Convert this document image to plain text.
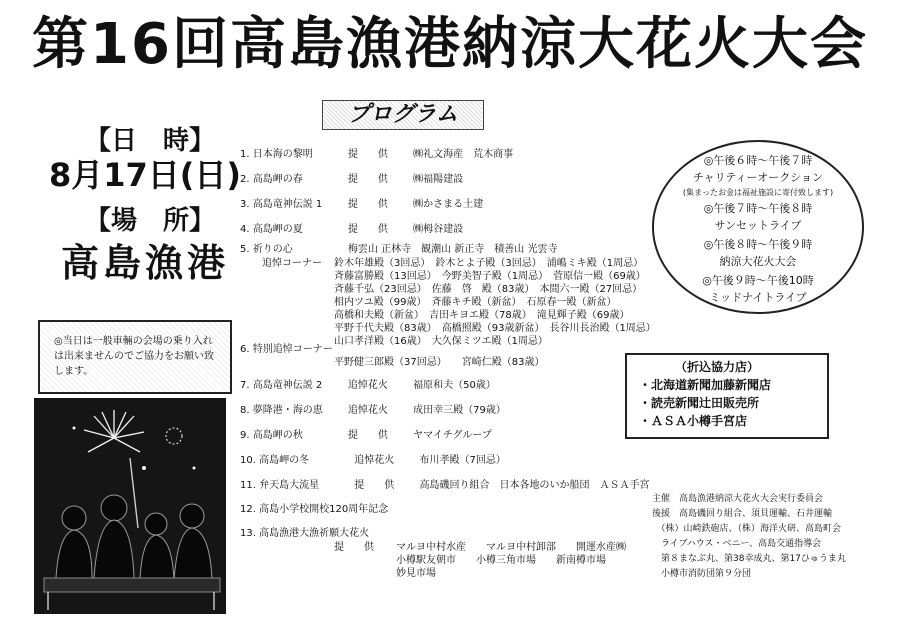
第16回高島漁港納涼大花火大会
プログラム
【日　時】
8月17日(日)
【場　所】
高島漁港
◎当日は一般車輛の会場の乗り入れは出来ませんのでご協力をお願い致します。
1. 日本海の黎明	提　　供	㈱礼文海産　荒木商事
2. 高島岬の春	提　　供	㈱福陽建設
3. 高島竜神伝説 1	提　　供	㈱かさまる土建
4. 高島岬の夏	提　　供	㈱栂谷建設
5. 祈りの心	梅雲山 正林寺　観潮山 新正寺　積善山 光雲寺
追悼コーナー 鈴木年雄殿（3回忌）　鈴木とよ子殿（3回忌）　浦嶋ミキ殿（1周忌）
斉藤富勝殿（13回忌）　今野美智子殿（1周忌）　菅原信一殿（69歳）
斉藤千弘（23回忌）　佐藤　啓　殿（83歳）　本間六一殿（27回忌）
相内ツユ殿（99歳）　斉藤キチ殿（新盆）　石原春一殿（新盆）
高橋和夫殿（新盆）　吉田キヨエ殿（78歳）　滝見輝子殿（69歳）
平野千代夫殿（83歳）　高橋照殿（93歳新盆）　長谷川長治殿（1周忌）
山口孝洋殿（16歳）　大久保ミツエ殿（1周忌）
6. 特別追悼コーナー
平野健三郎殿（37回忌）　　宮崎仁殿（83歳）
7. 高島竜神伝説 2	追悼花火	福原和夫（50歳）
8. 夢降港・海の恵	追悼花火	成田幸三殿（79歳）
9. 高島岬の秋	提　　供	ヤマイチグループ
10. 高島岬の冬	追悼花火	布川孝殿（7回忌）
11. 弁天島大流星	提　　供	高島磯回り組合　日本各地のいか船団　ＡＳＡ手宮
12. 高島小学校開校120周年記念
13. 高島漁港大漁祈願大花火
提　　供 マルヨ中村水産　　マルヨ中村卸部　　開運水産㈱
小樽駅友朝市　　小樽三角市場　　新南樽市場
妙見市場
◎午後６時～午後７時
チャリティーオークション
(集まったお金は福祉施設に寄付致します)
◎午後７時～午後８時
サンセットライブ
◎午後８時～午後９時
納涼大花火大会
◎午後９時～午後10時
ミッドナイトライブ
（折込協力店）
・北海道新聞加藤新聞店
・読売新聞辻田販売所
・ＡＳＡ小樽手宮店
主催　高島漁港納涼大花火大会実行委員会
後援　高島磯回り組合、須貝運輸、石井運輸
　（株）山崎鉄砲店、（株）海洋火研、高島町会
　ライブハウス・ベニー、高島交通指導会
　第８まなぶ丸、第38幸成丸、第17ひゅうま丸
　小樽市消防団第９分団
